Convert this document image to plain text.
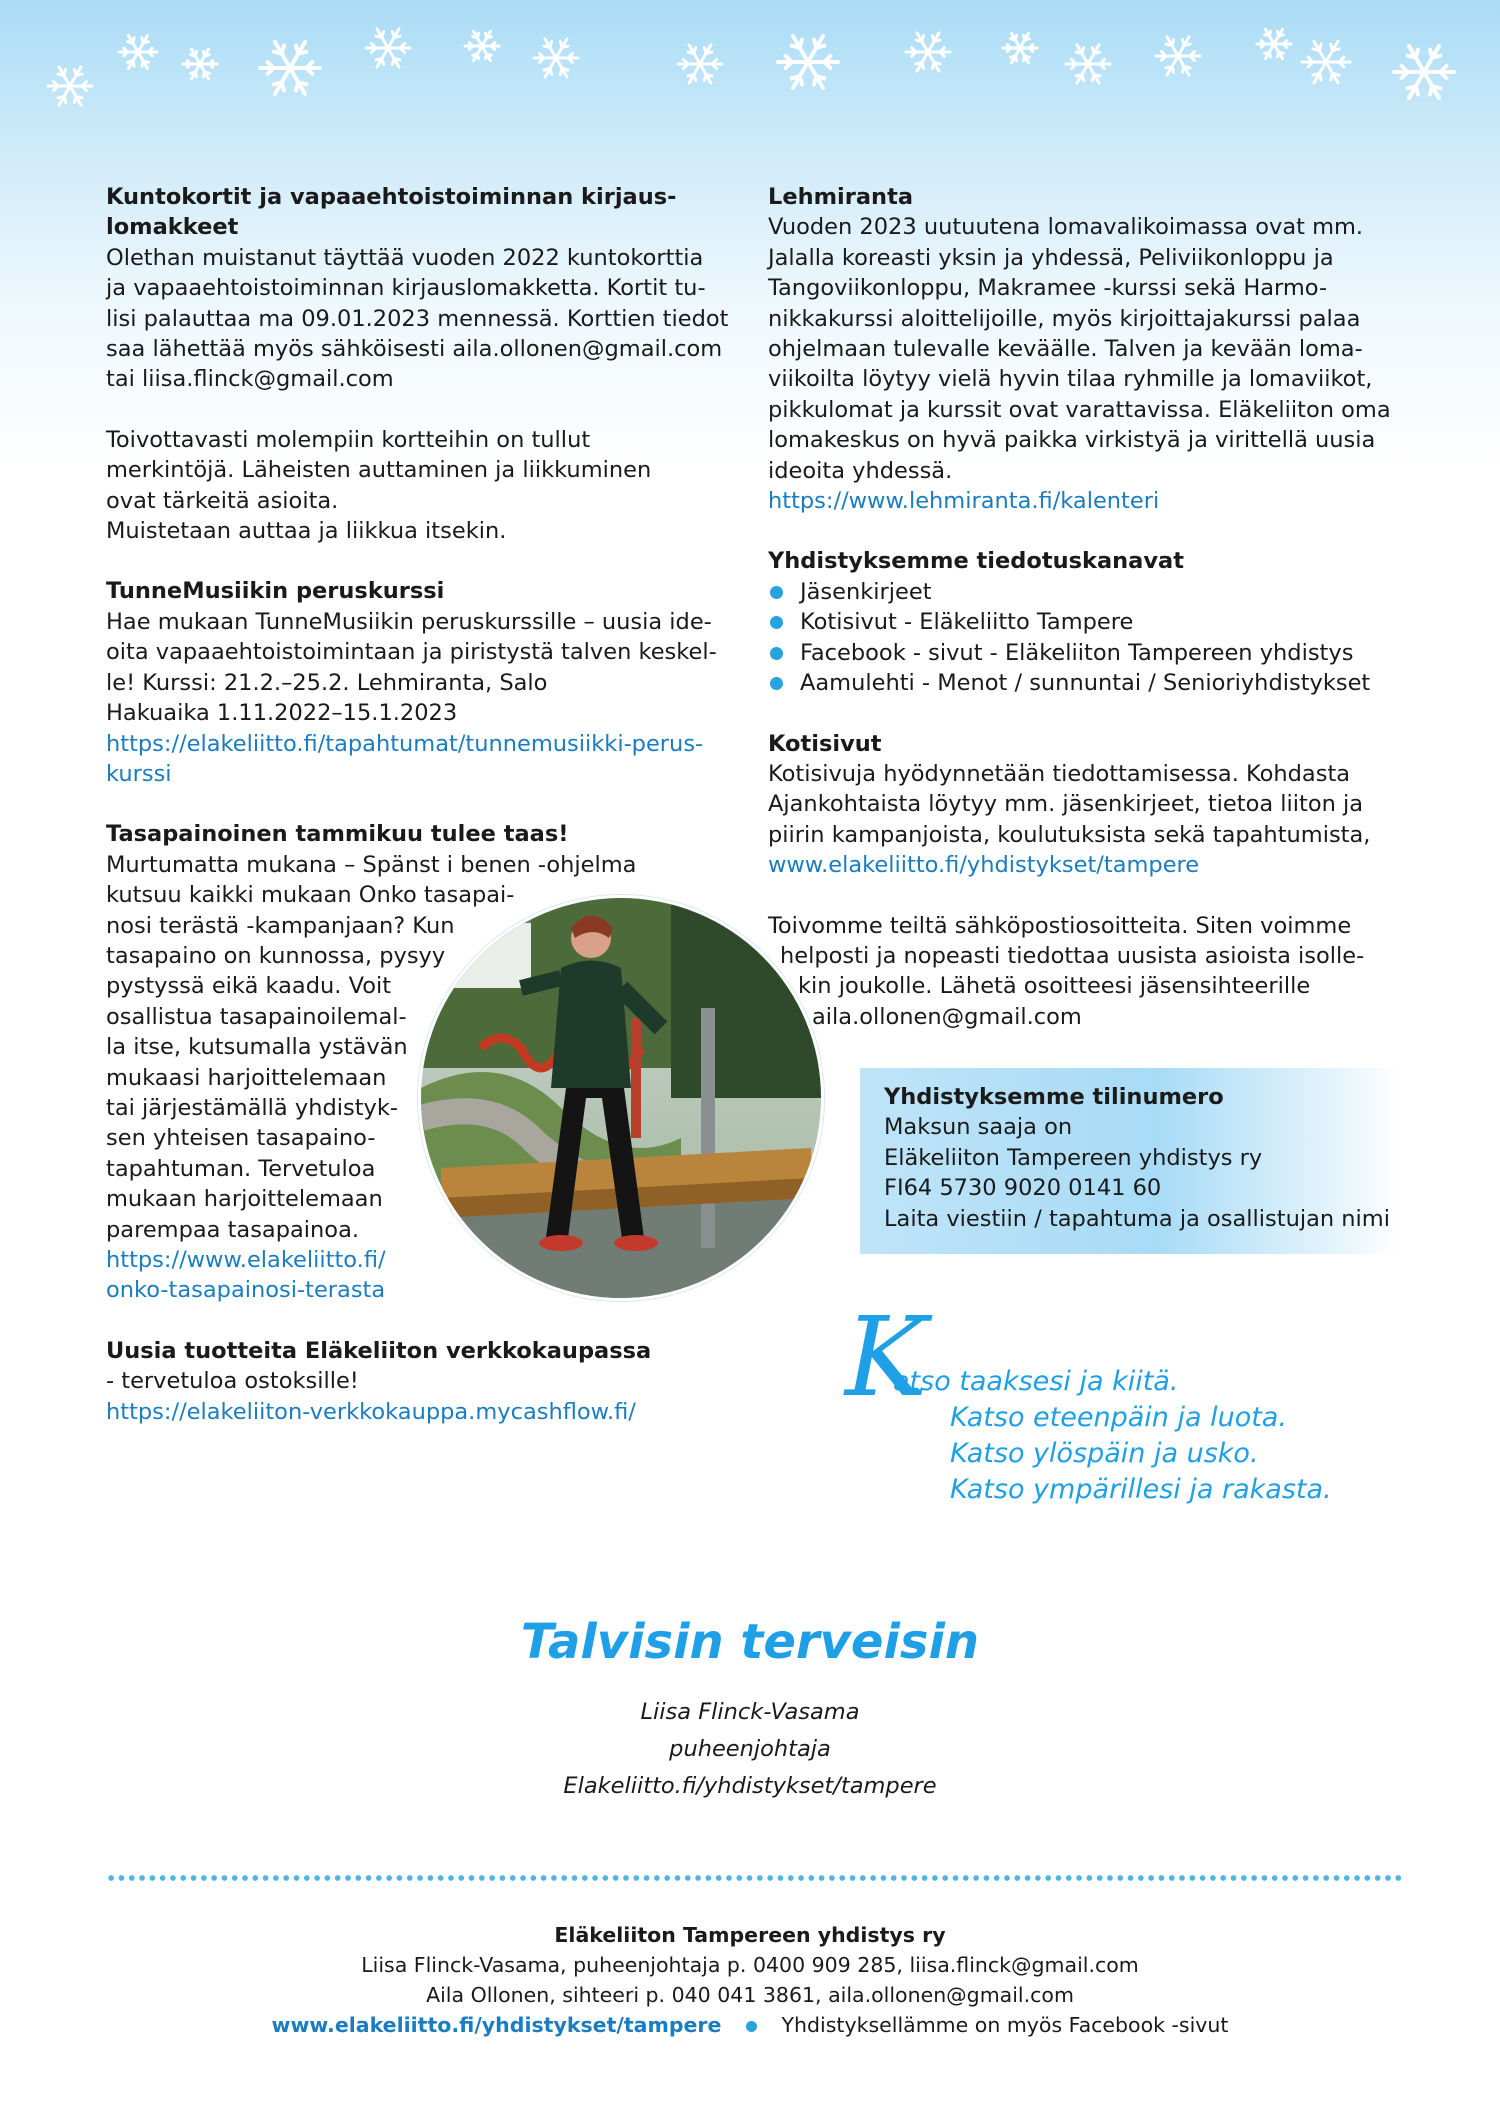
Kuntokortit ja vapaaehtoistoiminnan kirjaus-
lomakkeet
Olethan muistanut täyttää vuoden 2022 kuntokorttia
ja vapaaehtoistoiminnan kirjauslomakketta. Kortit tu-
lisi palauttaa ma 09.01.2023 mennessä. Korttien tiedot
saa lähettää myös sähköisesti aila.ollonen@gmail.com
tai liisa.flinck@gmail.com
Toivottavasti molempiin kortteihin on tullut
merkintöjä. Läheisten auttaminen ja liikkuminen
ovat tärkeitä asioita.
Muistetaan auttaa ja liikkua itsekin.
TunneMusiikin peruskurssi
Hae mukaan TunneMusiikin peruskurssille – uusia ide-
oita vapaaehtoistoimintaan ja piristystä talven keskel-
le! Kurssi: 21.2.–25.2. Lehmiranta, Salo
Hakuaika 1.11.2022–15.1.2023
https://elakeliitto.fi/tapahtumat/tunnemusiikki-perus-
kurssi
Tasapainoinen tammikuu tulee taas!
Murtumatta mukana – Spänst i benen -ohjelma
kutsuu kaikki mukaan Onko tasapai-
nosi terästä -kampanjaan? Kun
tasapaino on kunnossa, pysyy
pystyssä eikä kaadu. Voit
osallistua tasapainoilemal-
la itse, kutsumalla ystävän
mukaasi harjoittelemaan
tai järjestämällä yhdistyk-
sen yhteisen tasapaino-
tapahtuman. Tervetuloa
mukaan harjoittelemaan
parempaa tasapainoa.
https://www.elakeliitto.fi/
onko-tasapainosi-terasta
Uusia tuotteita Eläkeliiton verkkokaupassa
- tervetuloa ostoksille!
https://elakeliiton-verkkokauppa.mycashflow.fi/
Lehmiranta
Vuoden 2023 uutuutena lomavalikoimassa ovat mm.
Jalalla koreasti yksin ja yhdessä, Peliviikonloppu ja
Tangoviikonloppu, Makramee -kurssi sekä Harmo-
nikkakurssi aloittelijoille, myös kirjoittajakurssi palaa
ohjelmaan tulevalle keväälle. Talven ja kevään loma-
viikoilta löytyy vielä hyvin tilaa ryhmille ja lomaviikot,
pikkulomat ja kurssit ovat varattavissa. Eläkeliiton oma
lomakeskus on hyvä paikka virkistyä ja virittellä uusia
ideoita yhdessä.
https://www.lehmiranta.fi/kalenteri
Yhdistyksemme tiedotuskanavat
Jäsenkirjeet
Kotisivut - Eläkeliitto Tampere
Facebook - sivut - Eläkeliiton Tampereen yhdistys
Aamulehti - Menot / sunnuntai / Senioriyhdistykset
Kotisivut
Kotisivuja hyödynnetään tiedottamisessa. Kohdasta
Ajankohtaista löytyy mm. jäsenkirjeet, tietoa liiton ja
piirin kampanjoista, koulutuksista sekä tapahtumista,
www.elakeliitto.fi/yhdistykset/tampere
Toivomme teiltä sähköpostiosoitteita. Siten voimme
helposti ja nopeasti tiedottaa uusista asioista isolle-
kin joukolle. Lähetä osoitteesi jäsensihteerille
aila.ollonen@gmail.com
Yhdistyksemme tilinumero
Maksun saaja on
Eläkeliiton Tampereen yhdistys ry
FI64 5730 9020 0141 60
Laita viestiin / tapahtuma ja osallistujan nimi
K
atso taaksesi ja kiitä.
Katso eteenpäin ja luota.
Katso ylöspäin ja usko.
Katso ympärillesi ja rakasta.
Talvisin terveisin
Liisa Flinck-Vasama
puheenjohtaja
Elakeliitto.fi/yhdistykset/tampere
Eläkeliiton Tampereen yhdistys ry
Liisa Flinck-Vasama, puheenjohtaja p. 0400 909 285, liisa.flinck@gmail.com
Aila Ollonen, sihteeri p. 040 041 3861, aila.ollonen@gmail.com
www.elakeliitto.fi/yhdistykset/tampere	Yhdistyksellämme on myös Facebook -sivut
